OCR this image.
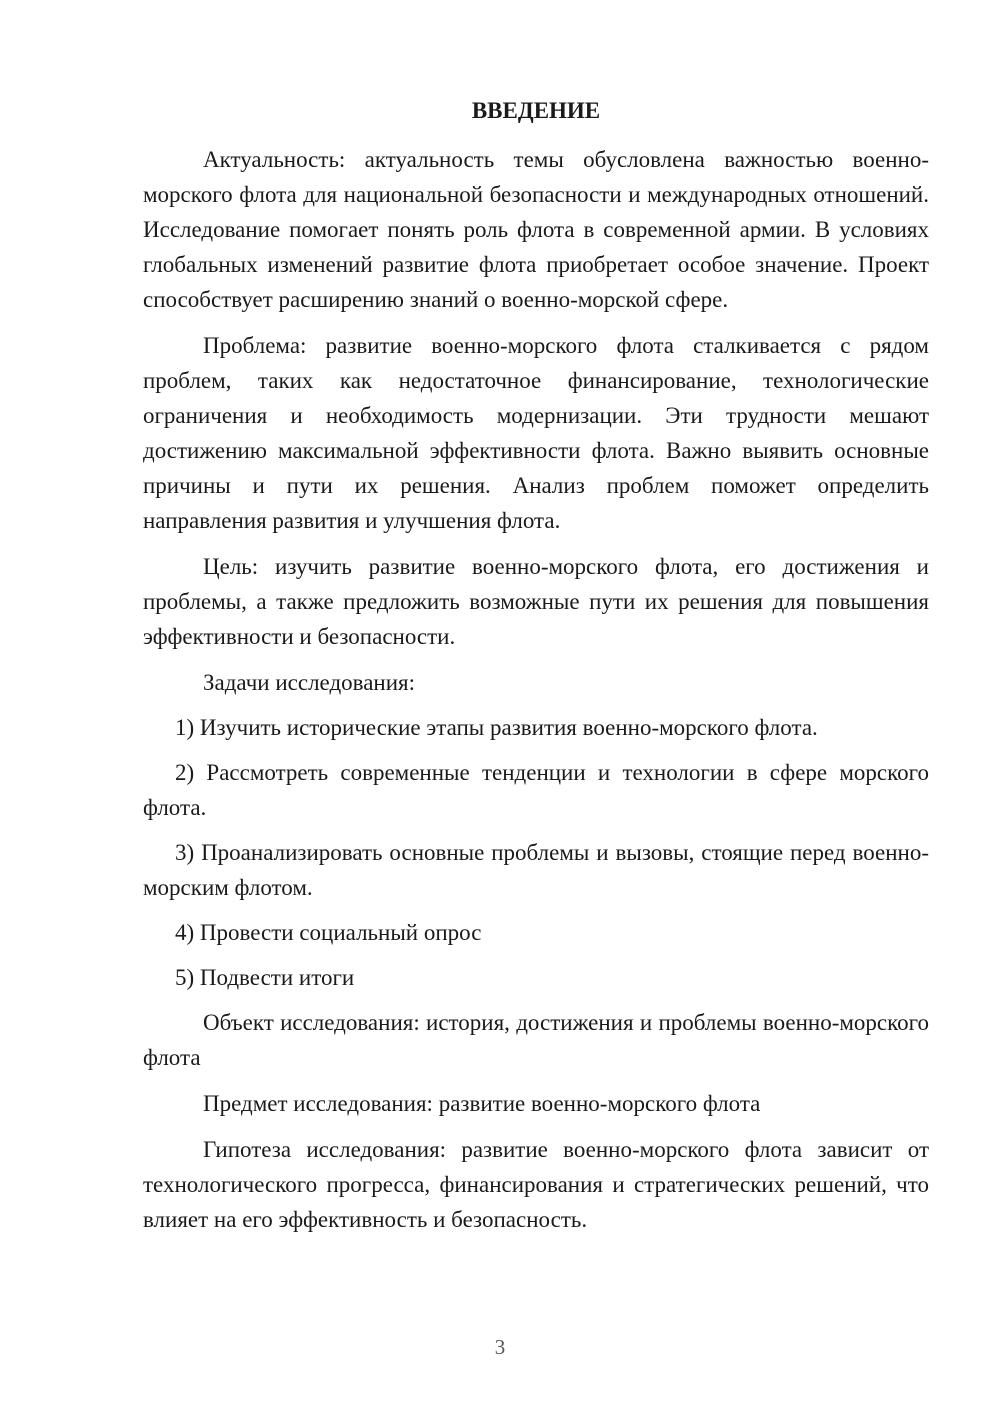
ВВЕДЕНИЕ

Актуальность: актуальность темы обусловлена важностью военно-морского флота для национальной безопасности и международных отношений. Исследование помогает понять роль флота в современной армии. В условиях глобальных изменений развитие флота приобретает особое значение. Проект способствует расширению знаний о военно-морской сфере.

Проблема: развитие военно-морского флота сталкивается с рядом проблем, таких как недостаточное финансирование, технологические ограничения и необходимость модернизации. Эти трудности мешают достижению максимальной эффективности флота. Важно выявить основные причины и пути их решения. Анализ проблем поможет определить направления развития и улучшения флота.

Цель: изучить развитие военно-морского флота, его достижения и проблемы, а также предложить возможные пути их решения для повышения эффективности и безопасности.

Задачи исследования:

1) Изучить исторические этапы развития военно-морского флота.

2) Рассмотреть современные тенденции и технологии в сфере морского флота.

3) Проанализировать основные проблемы и вызовы, стоящие перед военно-морским флотом.

4) Провести социальный опрос

5) Подвести итоги

Объект исследования: история, достижения и проблемы военно-морского флота

Предмет исследования: развитие военно-морского флота

Гипотеза исследования: развитие военно-морского флота зависит от технологического прогресса, финансирования и стратегических решений, что влияет на его эффективность и безопасность.

3
